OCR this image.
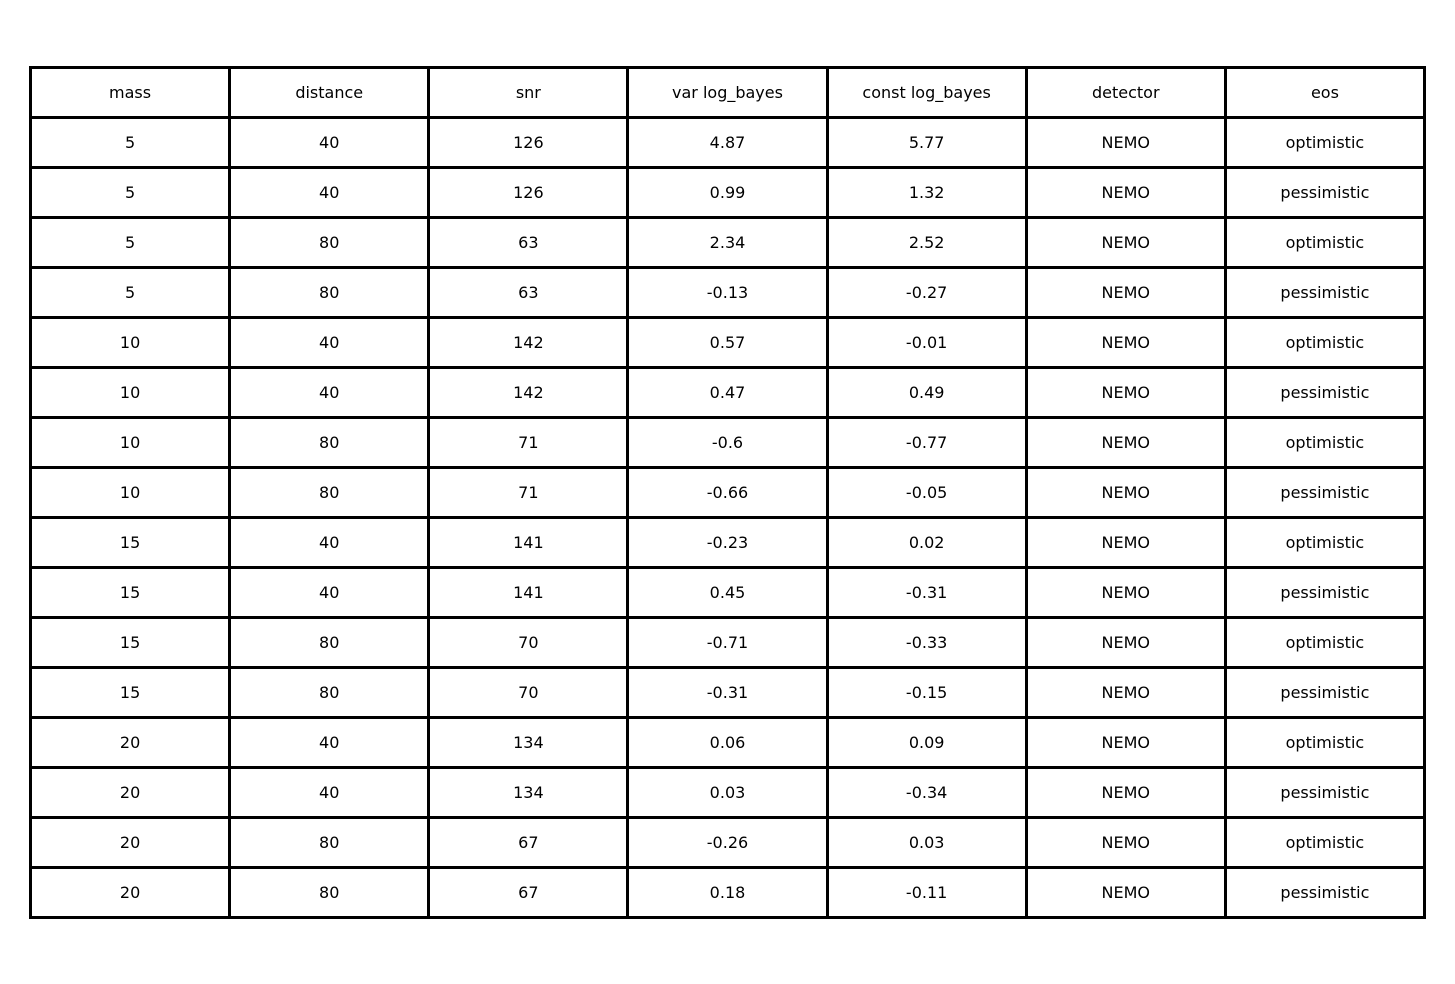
mass	distance	snr	var log_bayes	const log_bayes	detector	eos
5	40	126	4.87	5.77	NEMO	optimistic
5	40	126	0.99	1.32	NEMO	pessimistic
5	80	63	2.34	2.52	NEMO	optimistic
5	80	63	-0.13	-0.27	NEMO	pessimistic
10	40	142	0.57	-0.01	NEMO	optimistic
10	40	142	0.47	0.49	NEMO	pessimistic
10	80	71	-0.6	-0.77	NEMO	optimistic
10	80	71	-0.66	-0.05	NEMO	pessimistic
15	40	141	-0.23	0.02	NEMO	optimistic
15	40	141	0.45	-0.31	NEMO	pessimistic
15	80	70	-0.71	-0.33	NEMO	optimistic
15	80	70	-0.31	-0.15	NEMO	pessimistic
20	40	134	0.06	0.09	NEMO	optimistic
20	40	134	0.03	-0.34	NEMO	pessimistic
20	80	67	-0.26	0.03	NEMO	optimistic
20	80	67	0.18	-0.11	NEMO	pessimistic
